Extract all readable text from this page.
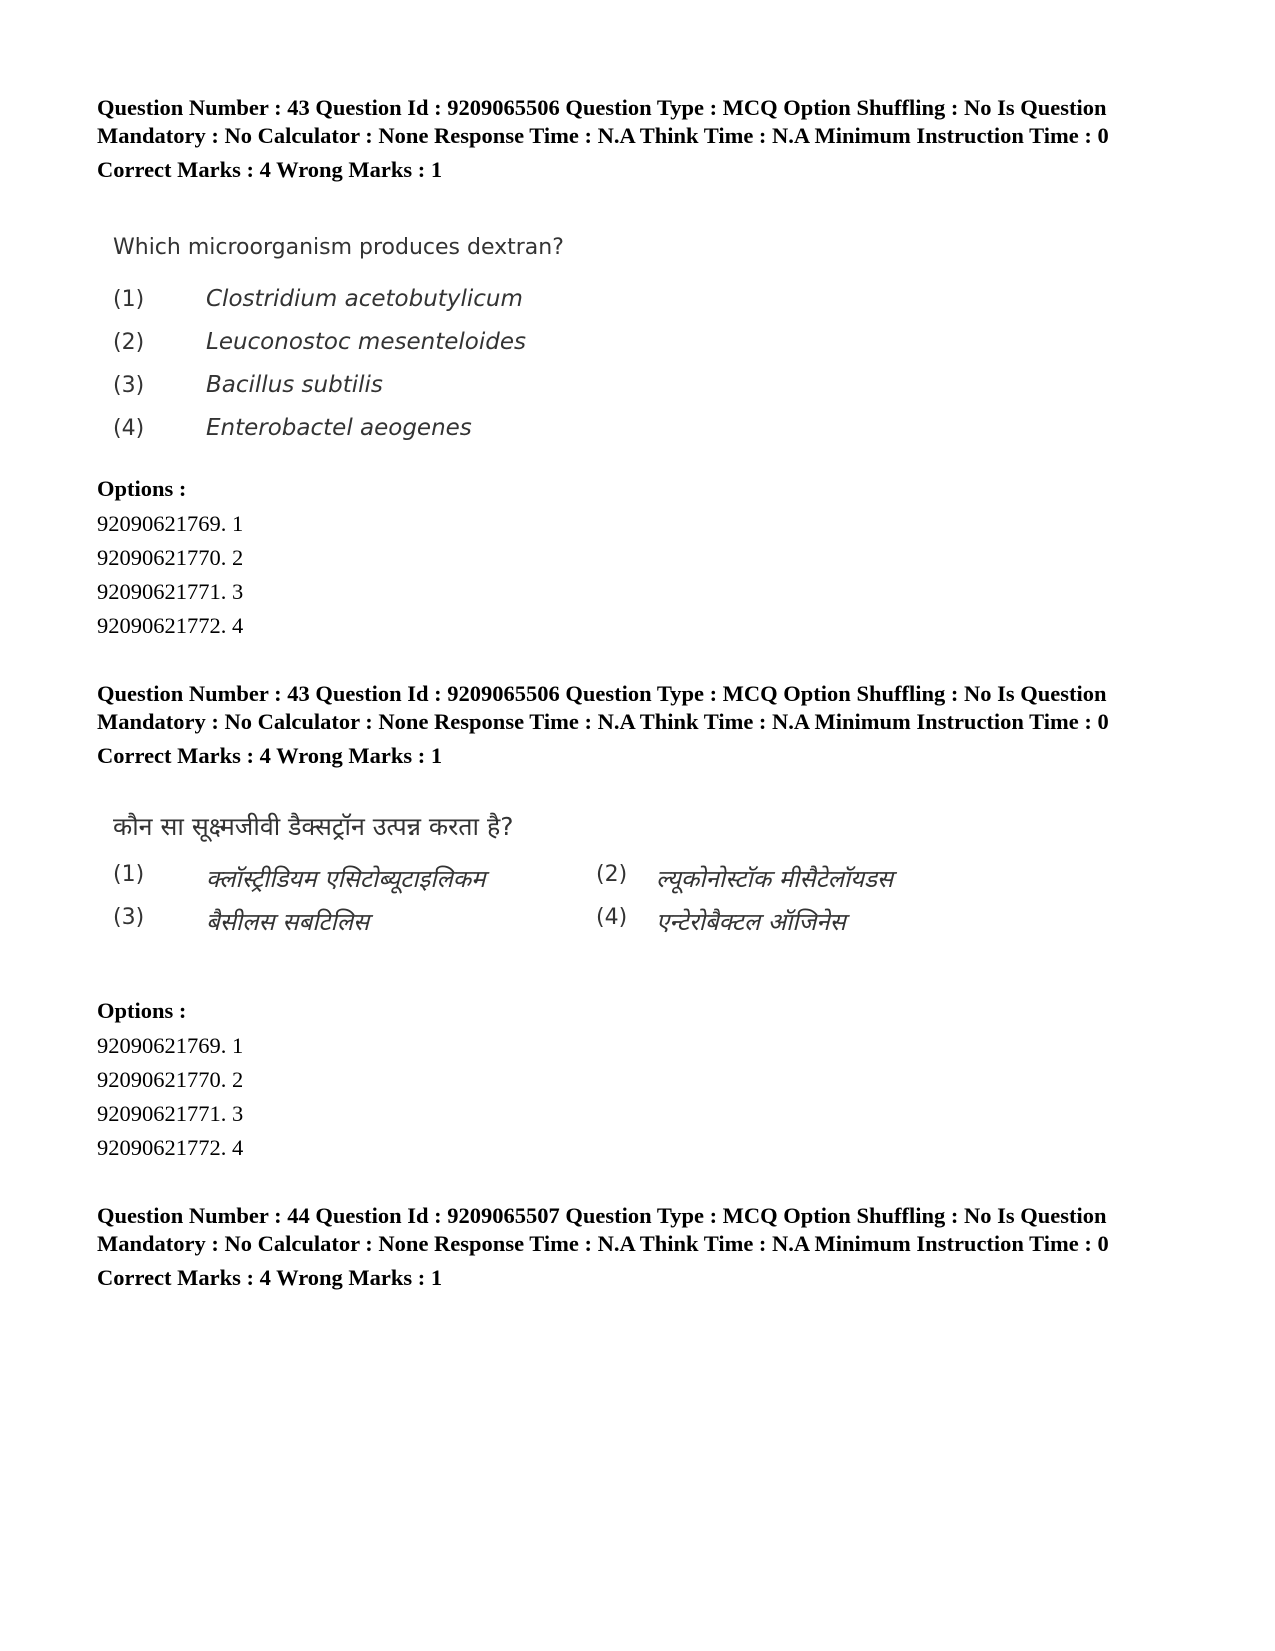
Question Number : 43 Question Id : 9209065506 Question Type : MCQ Option Shuffling : No Is Question Mandatory : No Calculator : None Response Time : N.A Think Time : N.A Minimum Instruction Time : 0
Correct Marks : 4 Wrong Marks : 1
Which microorganism produces dextran?
(1)	Clostridium acetobutylicum
(2)	Leuconostoc mesenteloides
(3)	Bacillus subtilis
(4)	Enterobactel aeogenes
Options :
92090621769. 1
92090621770. 2
92090621771. 3
92090621772. 4
Question Number : 43 Question Id : 9209065506 Question Type : MCQ Option Shuffling : No Is Question Mandatory : No Calculator : None Response Time : N.A Think Time : N.A Minimum Instruction Time : 0
Correct Marks : 4 Wrong Marks : 1
कौन सा सूक्ष्मजीवी डैक्सट्रॉन उत्पन्न करता है?
(1)	क्लॉस्ट्रीडियम एसिटोब्यूटाइलिकम	(2)	ल्यूकोनोस्टॉक मीसैटेलॉयडस
(3)	बैसीलस सबटिलिस	(4)	एन्टेरोबैक्टल ऑजिनेस
Options :
92090621769. 1
92090621770. 2
92090621771. 3
92090621772. 4
Question Number : 44 Question Id : 9209065507 Question Type : MCQ Option Shuffling : No Is Question Mandatory : No Calculator : None Response Time : N.A Think Time : N.A Minimum Instruction Time : 0
Correct Marks : 4 Wrong Marks : 1
